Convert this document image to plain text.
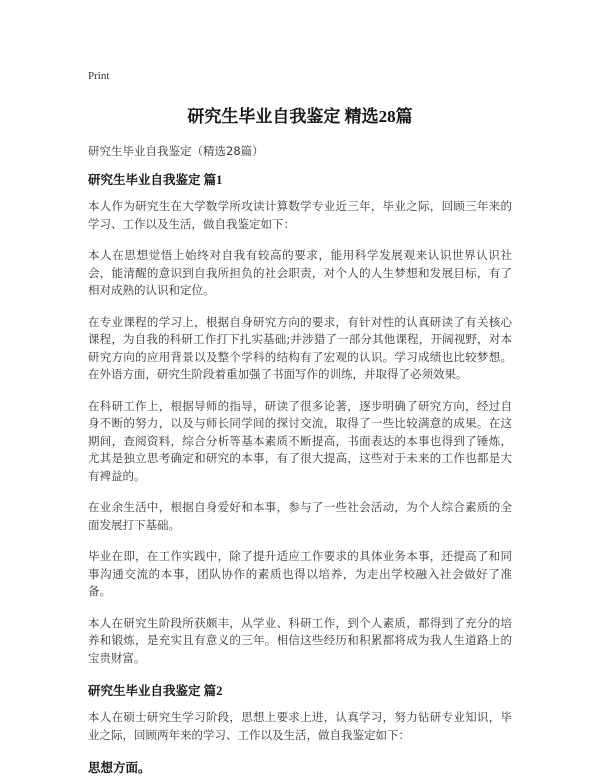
Print
研究生毕业自我鉴定 精选28篇

研究生毕业自我鉴定（精选28篇）

研究生毕业自我鉴定 篇1

本人作为研究生在大学数学所攻读计算数学专业近三年，毕业之际，回顾三年来的学习、工作以及生活，做自我鉴定如下：

本人在思想觉悟上始终对自我有较高的要求，能用科学发展观来认识世界认识社会，能清醒的意识到自我所担负的社会职责，对个人的人生梦想和发展目标，有了相对成熟的认识和定位。

在专业课程的学习上，根据自身研究方向的要求，有针对性的认真研读了有关核心课程，为自我的科研工作打下扎实基础;并涉猎了一部分其他课程，开阔视野，对本研究方向的应用背景以及整个学科的结构有了宏观的认识。学习成绩也比较梦想。在外语方面，研究生阶段着重加强了书面写作的训练，并取得了必须效果。

在科研工作上，根据导师的指导，研读了很多论著，逐步明确了研究方向，经过自身不断的努力，以及与师长同学间的探讨交流，取得了一些比较满意的成果。在这期间，查阅资料，综合分析等基本素质不断提高，书面表达的本事也得到了锤炼，尤其是独立思考确定和研究的本事，有了很大提高，这些对于未来的工作也都是大有裨益的。

在业余生活中，根据自身爱好和本事，参与了一些社会活动，为个人综合素质的全面发展打下基础。

毕业在即，在工作实践中，除了提升适应工作要求的具体业务本事，还提高了和同事沟通交流的本事，团队协作的素质也得以培养，为走出学校融入社会做好了准备。

本人在研究生阶段所获颇丰，从学业、科研工作，到个人素质，都得到了充分的培养和锻炼，是充实且有意义的三年。相信这些经历和积累都将成为我人生道路上的宝贵财富。

研究生毕业自我鉴定 篇2

本人在硕士研究生学习阶段，思想上要求上进，认真学习，努力钻研专业知识，毕业之际，回顾两年来的学习、工作以及生活，做自我鉴定如下：

思想方面。
